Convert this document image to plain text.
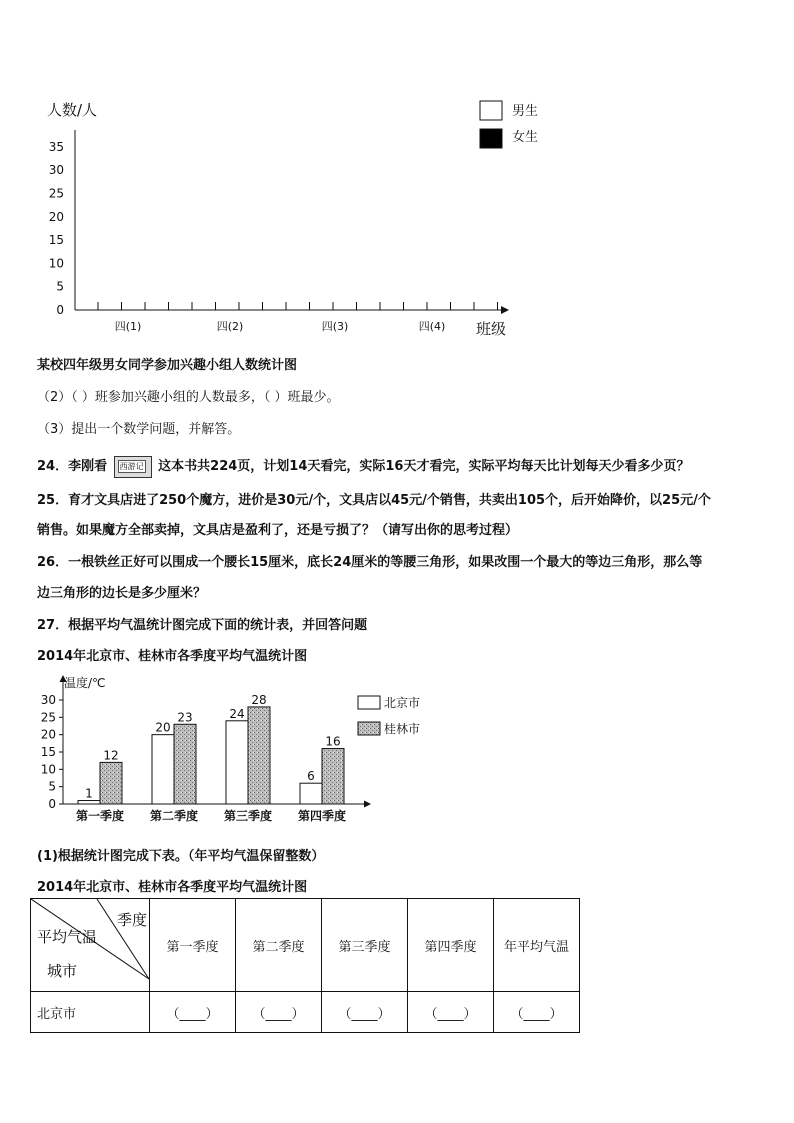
人数/人
0
5
10
15
20
25
30
35
四(1)	四(2)	四(3)	四(4) 班级
男生
女生
某校四年级男女同学参加兴趣小组人数统计图
（2）（ ）班参加兴趣小组的人数最多，（ ）班最少。
（3）提出一个数学问题，并解答。
24．李刚看 西游记 这本书共224页，计划14天看完，实际16天才看完，实际平均每天比计划每天少看多少页？
25．育才文具店进了250个魔方，进价是30元/个，文具店以45元/个销售，共卖出105个，后开始降价，以25元/个
销售。如果魔方全部卖掉，文具店是盈利了，还是亏损了？（请写出你的思考过程）
26．一根铁丝正好可以围成一个腰长15厘米，底长24厘米的等腰三角形，如果改围一个最大的等边三角形，那么等
边三角形的边长是多少厘米？
27．根据平均气温统计图完成下面的统计表，并回答问题
2014年北京市、桂林市各季度平均气温统计图
温度/℃
0
5
10
15
20
25
30
1
20
24
6
12
23
28
16
第一季度 第二季度 第三季度 第四季度
北京市
桂林市
(1)根据统计图完成下表。（年平均气温保留整数）
2014年北京市、桂林市各季度平均气温统计图
季度
平均气温
城市	第一季度	第二季度	第三季度	第四季度	年平均气温
北京市	（____）	（____）	（____）	（____）	（____）
